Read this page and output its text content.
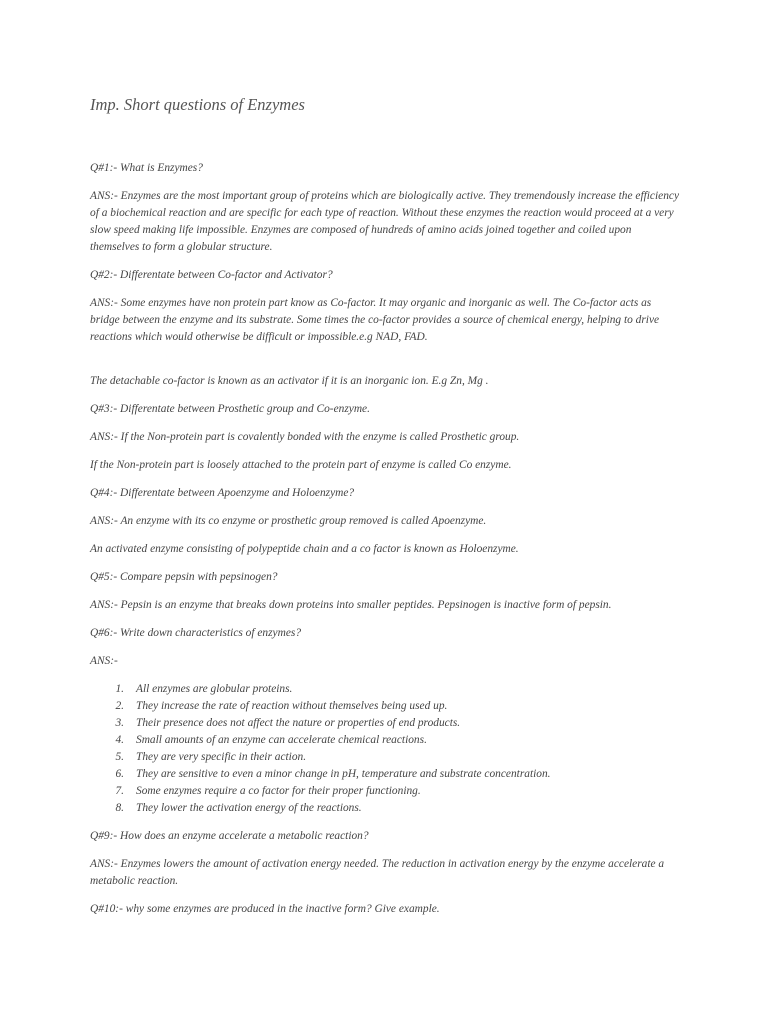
Imp. Short questions of Enzymes

Q#1:- What is Enzymes?

ANS:- Enzymes are the most important group of proteins which are biologically active. They tremendously increase the efficiency of a biochemical reaction and are specific for each type of reaction. Without these enzymes the reaction would proceed at a very slow speed making life impossible. Enzymes are composed of hundreds of amino acids joined together and coiled upon themselves to form a globular structure.

Q#2:- Differentate between Co-factor and Activator?

ANS:- Some enzymes have non protein part know as Co-factor. It may organic and inorganic as well. The Co-factor acts as bridge between the enzyme and its substrate. Some times the co-factor provides a source of chemical energy, helping to drive reactions which would otherwise be difficult or impossible.e.g NAD, FAD.

The detachable co-factor is known as an activator if it is an inorganic ion. E.g Zn, Mg .

Q#3:- Differentate between Prosthetic group and Co-enzyme.

ANS:- If the Non-protein part is covalently bonded with the enzyme is called Prosthetic group.

If the Non-protein part is loosely attached to the protein part of enzyme is called Co enzyme.

Q#4:- Differentate between Apoenzyme and Holoenzyme?

ANS:- An enzyme with its co enzyme or prosthetic group removed is called Apoenzyme.

An activated enzyme consisting of polypeptide chain and a co factor is known as Holoenzyme.

Q#5:- Compare pepsin with pepsinogen?

ANS:- Pepsin is an enzyme that breaks down proteins into smaller peptides. Pepsinogen is inactive form of pepsin.

Q#6:- Write down characteristics of enzymes?

ANS:-

1.	All enzymes are globular proteins.
2.	They increase the rate of reaction without themselves being used up.
3.	Their presence does not affect the nature or properties of end products.
4.	Small amounts of an enzyme can accelerate chemical reactions.
5.	They are very specific in their action.
6.	They are sensitive to even a minor change in pH, temperature and substrate concentration.
7.	Some enzymes require a co factor for their proper functioning.
8.	They lower the activation energy of the reactions.

Q#9:- How does an enzyme accelerate a metabolic reaction?

ANS:- Enzymes lowers the amount of activation energy needed. The reduction in activation energy by the enzyme accelerate a metabolic reaction.

Q#10:- why some enzymes are produced in the inactive form? Give example.
